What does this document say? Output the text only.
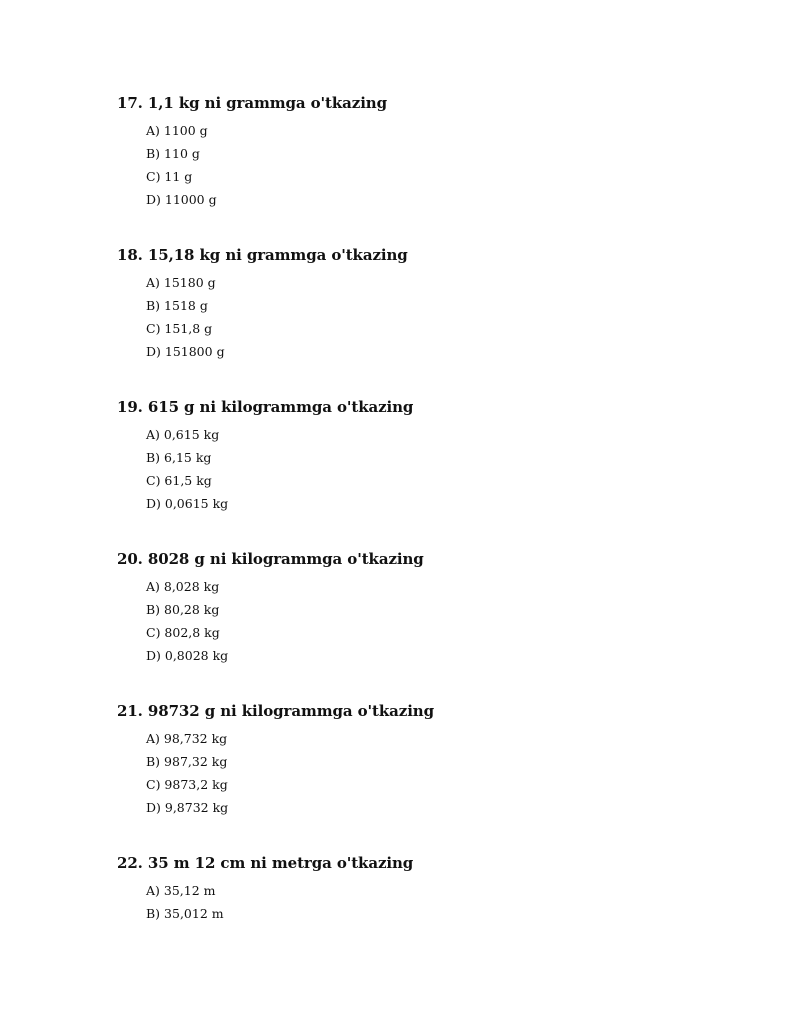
17. 1,1 kg ni grammga o'tkazing
A) 1100 g
B) 110 g
C) 11 g
D) 11000 g
18. 15,18 kg ni grammga o'tkazing
A) 15180 g
B) 1518 g
C) 151,8 g
D) 151800 g
19. 615 g ni kilogrammga o'tkazing
A) 0,615 kg
B) 6,15 kg
C) 61,5 kg
D) 0,0615 kg
20. 8028 g ni kilogrammga o'tkazing
A) 8,028 kg
B) 80,28 kg
C) 802,8 kg
D) 0,8028 kg
21. 98732 g ni kilogrammga o'tkazing
A) 98,732 kg
B) 987,32 kg
C) 9873,2 kg
D) 9,8732 kg
22. 35 m 12 cm ni metrga o'tkazing
A) 35,12 m
B) 35,012 m
